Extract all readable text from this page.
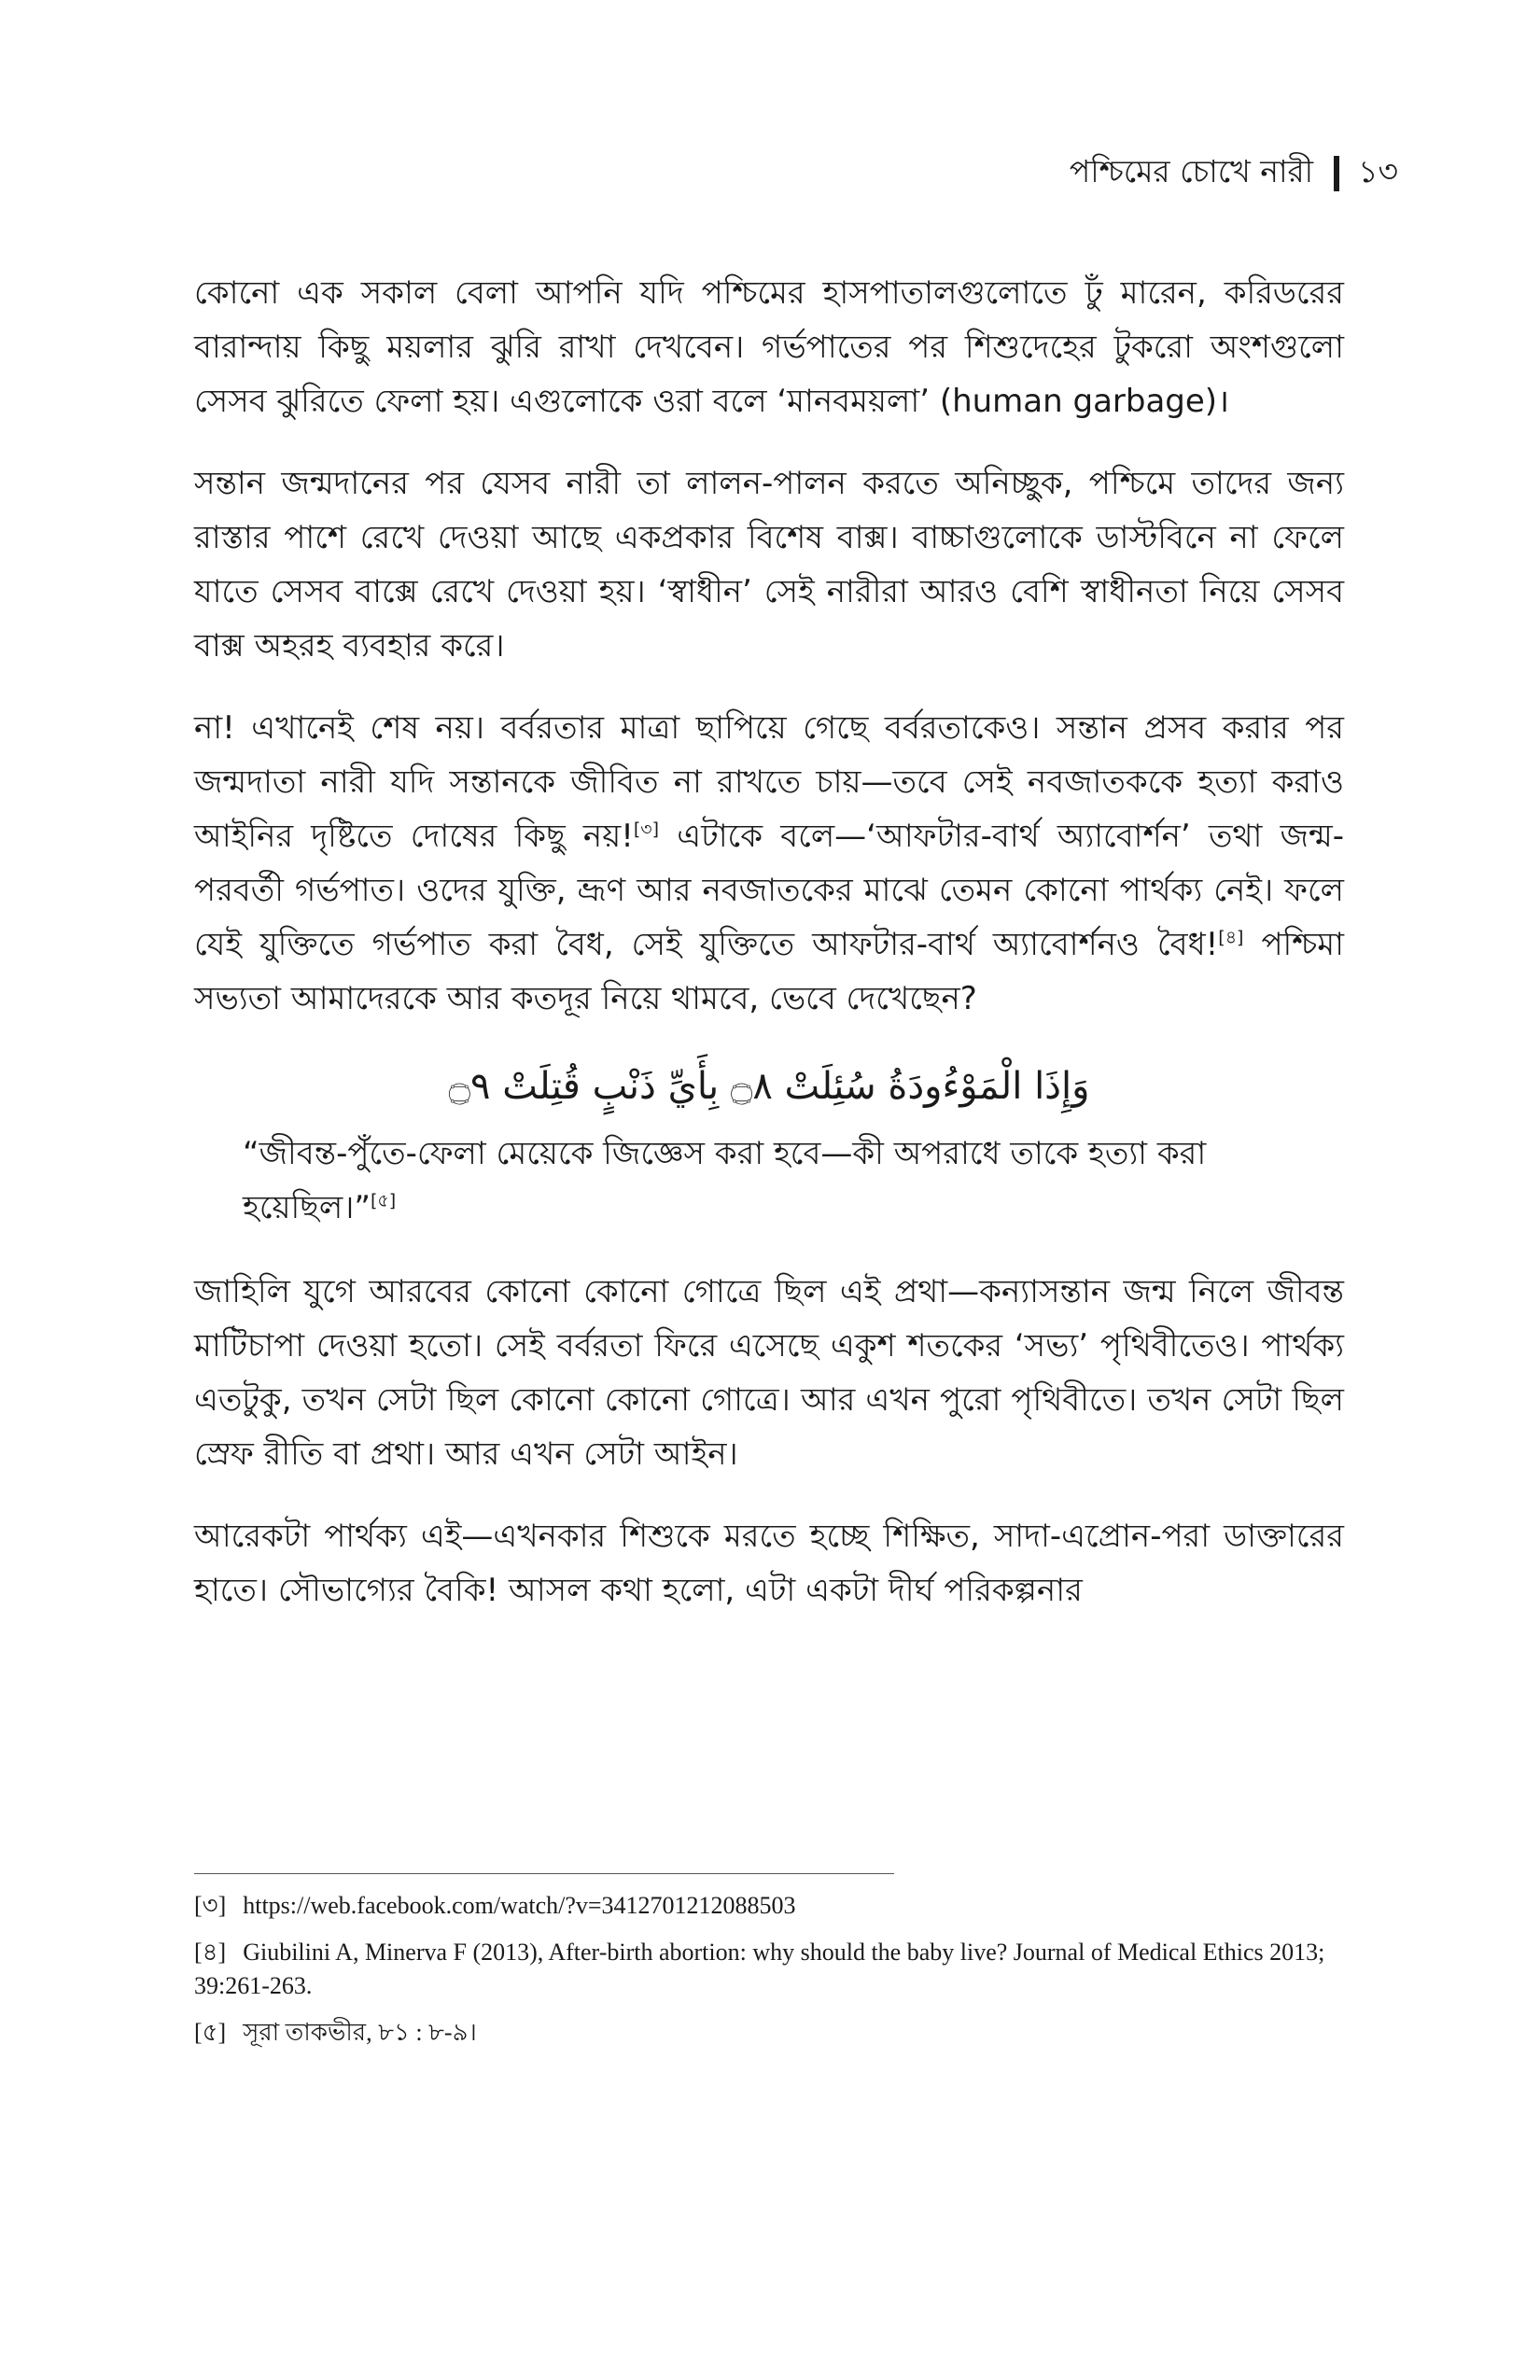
পশ্চিমের চোখে নারী ১৩

কোনো এক সকাল বেলা আপনি যদি পশ্চিমের হাসপাতালগুলোতে ঢুঁ মারেন, করিডরের বারান্দায় কিছু ময়লার ঝুরি রাখা দেখবেন। গর্ভপাতের পর শিশুদেহের টুকরো অংশগুলো সেসব ঝুরিতে ফেলা হয়। এগুলোকে ওরা বলে ‘মানবময়লা’ (human garbage)।

সন্তান জন্মদানের পর যেসব নারী তা লালন-পালন করতে অনিচ্ছুক, পশ্চিমে তাদের জন্য রাস্তার পাশে রেখে দেওয়া আছে একপ্রকার বিশেষ বাক্স। বাচ্চাগুলোকে ডাস্টবিনে না ফেলে যাতে সেসব বাক্সে রেখে দেওয়া হয়। ‘স্বাধীন’ সেই নারীরা আরও বেশি স্বাধীনতা নিয়ে সেসব বাক্স অহরহ ব্যবহার করে।

না! এখানেই শেষ নয়। বর্বরতার মাত্রা ছাপিয়ে গেছে বর্বরতাকেও। সন্তান প্রসব করার পর জন্মদাতা নারী যদি সন্তানকে জীবিত না রাখতে চায়—তবে সেই নবজাতককে হত্যা করাও আইনির দৃষ্টিতে দোষের কিছু নয়![৩] এটাকে বলে—‘আফটার-বার্থ অ্যাবোর্শন’ তথা জন্ম-পরবর্তী গর্ভপাত। ওদের যুক্তি, ভ্রূণ আর নবজাতকের মাঝে তেমন কোনো পার্থক্য নেই। ফলে যেই যুক্তিতে গর্ভপাত করা বৈধ, সেই যুক্তিতে আফটার-বার্থ অ্যাবোর্শনও বৈধ![৪] পশ্চিমা সভ্যতা আমাদেরকে আর কতদূর নিয়ে থামবে, ভেবে দেখেছেন?

وَإِذَا الْمَوْءُودَةُ سُئِلَتْ ۝٨ بِأَيِّ ذَنْبٍ قُتِلَتْ ۝٩

“জীবন্ত-পুঁতে-ফেলা মেয়েকে জিজ্ঞেস করা হবে—কী অপরাধে তাকে হত্যা করা হয়েছিল।”[৫]

জাহিলি যুগে আরবের কোনো কোনো গোত্রে ছিল এই প্রথা—কন্যাসন্তান জন্ম নিলে জীবন্ত মাটিচাপা দেওয়া হতো। সেই বর্বরতা ফিরে এসেছে একুশ শতকের ‘সভ্য’ পৃথিবীতেও। পার্থক্য এতটুকু, তখন সেটা ছিল কোনো কোনো গোত্রে। আর এখন পুরো পৃথিবীতে। তখন সেটা ছিল স্রেফ রীতি বা প্রথা। আর এখন সেটা আইন।

আরেকটা পার্থক্য এই—এখনকার শিশুকে মরতে হচ্ছে শিক্ষিত, সাদা-এপ্রোন-পরা ডাক্তারের হাতে। সৌভাগ্যের বৈকি! আসল কথা হলো, এটা একটা দীর্ঘ পরিকল্পনার

[৩] https://web.facebook.com/watch/?v=3412701212088503
[৪] Giubilini A, Minerva F (2013), After-birth abortion: why should the baby live? Journal of Medical Ethics 2013; 39:261-263.
[৫] সূরা তাকভীর, ৮১ : ৮-৯।
